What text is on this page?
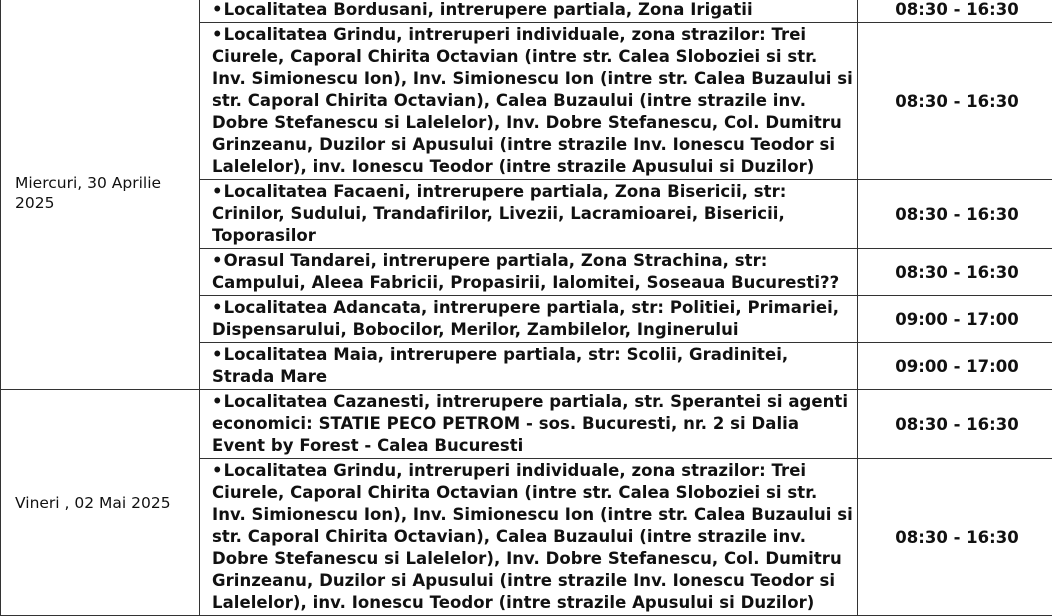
Miercuri, 30 Aprilie 2025	•Localitatea Bordusani, intrerupere partiala, Zona Irigatii	08:30 - 16:30
	•Localitatea Grindu, intreruperi individuale, zona strazilor: Trei Ciurele, Caporal Chirita Octavian (intre str. Calea Sloboziei si str. Inv. Simionescu Ion), Inv. Simionescu Ion (intre str. Calea Buzaului si str. Caporal Chirita Octavian), Calea Buzaului (intre strazile inv. Dobre Stefanescu si Lalelelor), Inv. Dobre Stefanescu, Col. Dumitru Grinzeanu, Duzilor si Apusului (intre strazile Inv. Ionescu Teodor si Lalelelor), inv. Ionescu Teodor (intre strazile Apusului si Duzilor)	08:30 - 16:30
	•Localitatea Facaeni, intrerupere partiala, Zona Bisericii, str: Crinilor, Sudului, Trandafirilor, Livezii, Lacramioarei, Bisericii, Toporasilor	08:30 - 16:30
	•Orasul Tandarei, intrerupere partiala, Zona Strachina, str: Campului, Aleea Fabricii, Propasirii, Ialomitei, Soseaua Bucuresti??	08:30 - 16:30
	•Localitatea Adancata, intrerupere partiala, str: Politiei, Primariei, Dispensarului, Bobocilor, Merilor, Zambilelor, Inginerului	09:00 - 17:00
	•Localitatea Maia, intrerupere partiala, str: Scolii, Gradinitei, Strada Mare	09:00 - 17:00
Vineri , 02 Mai 2025	•Localitatea Cazanesti, intrerupere partiala, str. Sperantei si agenti economici: STATIE PECO PETROM - sos. Bucuresti, nr. 2 si Dalia Event by Forest - Calea Bucuresti	08:30 - 16:30
	•Localitatea Grindu, intreruperi individuale, zona strazilor: Trei Ciurele, Caporal Chirita Octavian (intre str. Calea Sloboziei si str. Inv. Simionescu Ion), Inv. Simionescu Ion (intre str. Calea Buzaului si str. Caporal Chirita Octavian), Calea Buzaului (intre strazile inv. Dobre Stefanescu si Lalelelor), Inv. Dobre Stefanescu, Col. Dumitru Grinzeanu, Duzilor si Apusului (intre strazile Inv. Ionescu Teodor si Lalelelor), inv. Ionescu Teodor (intre strazile Apusului si Duzilor)	08:30 - 16:30
